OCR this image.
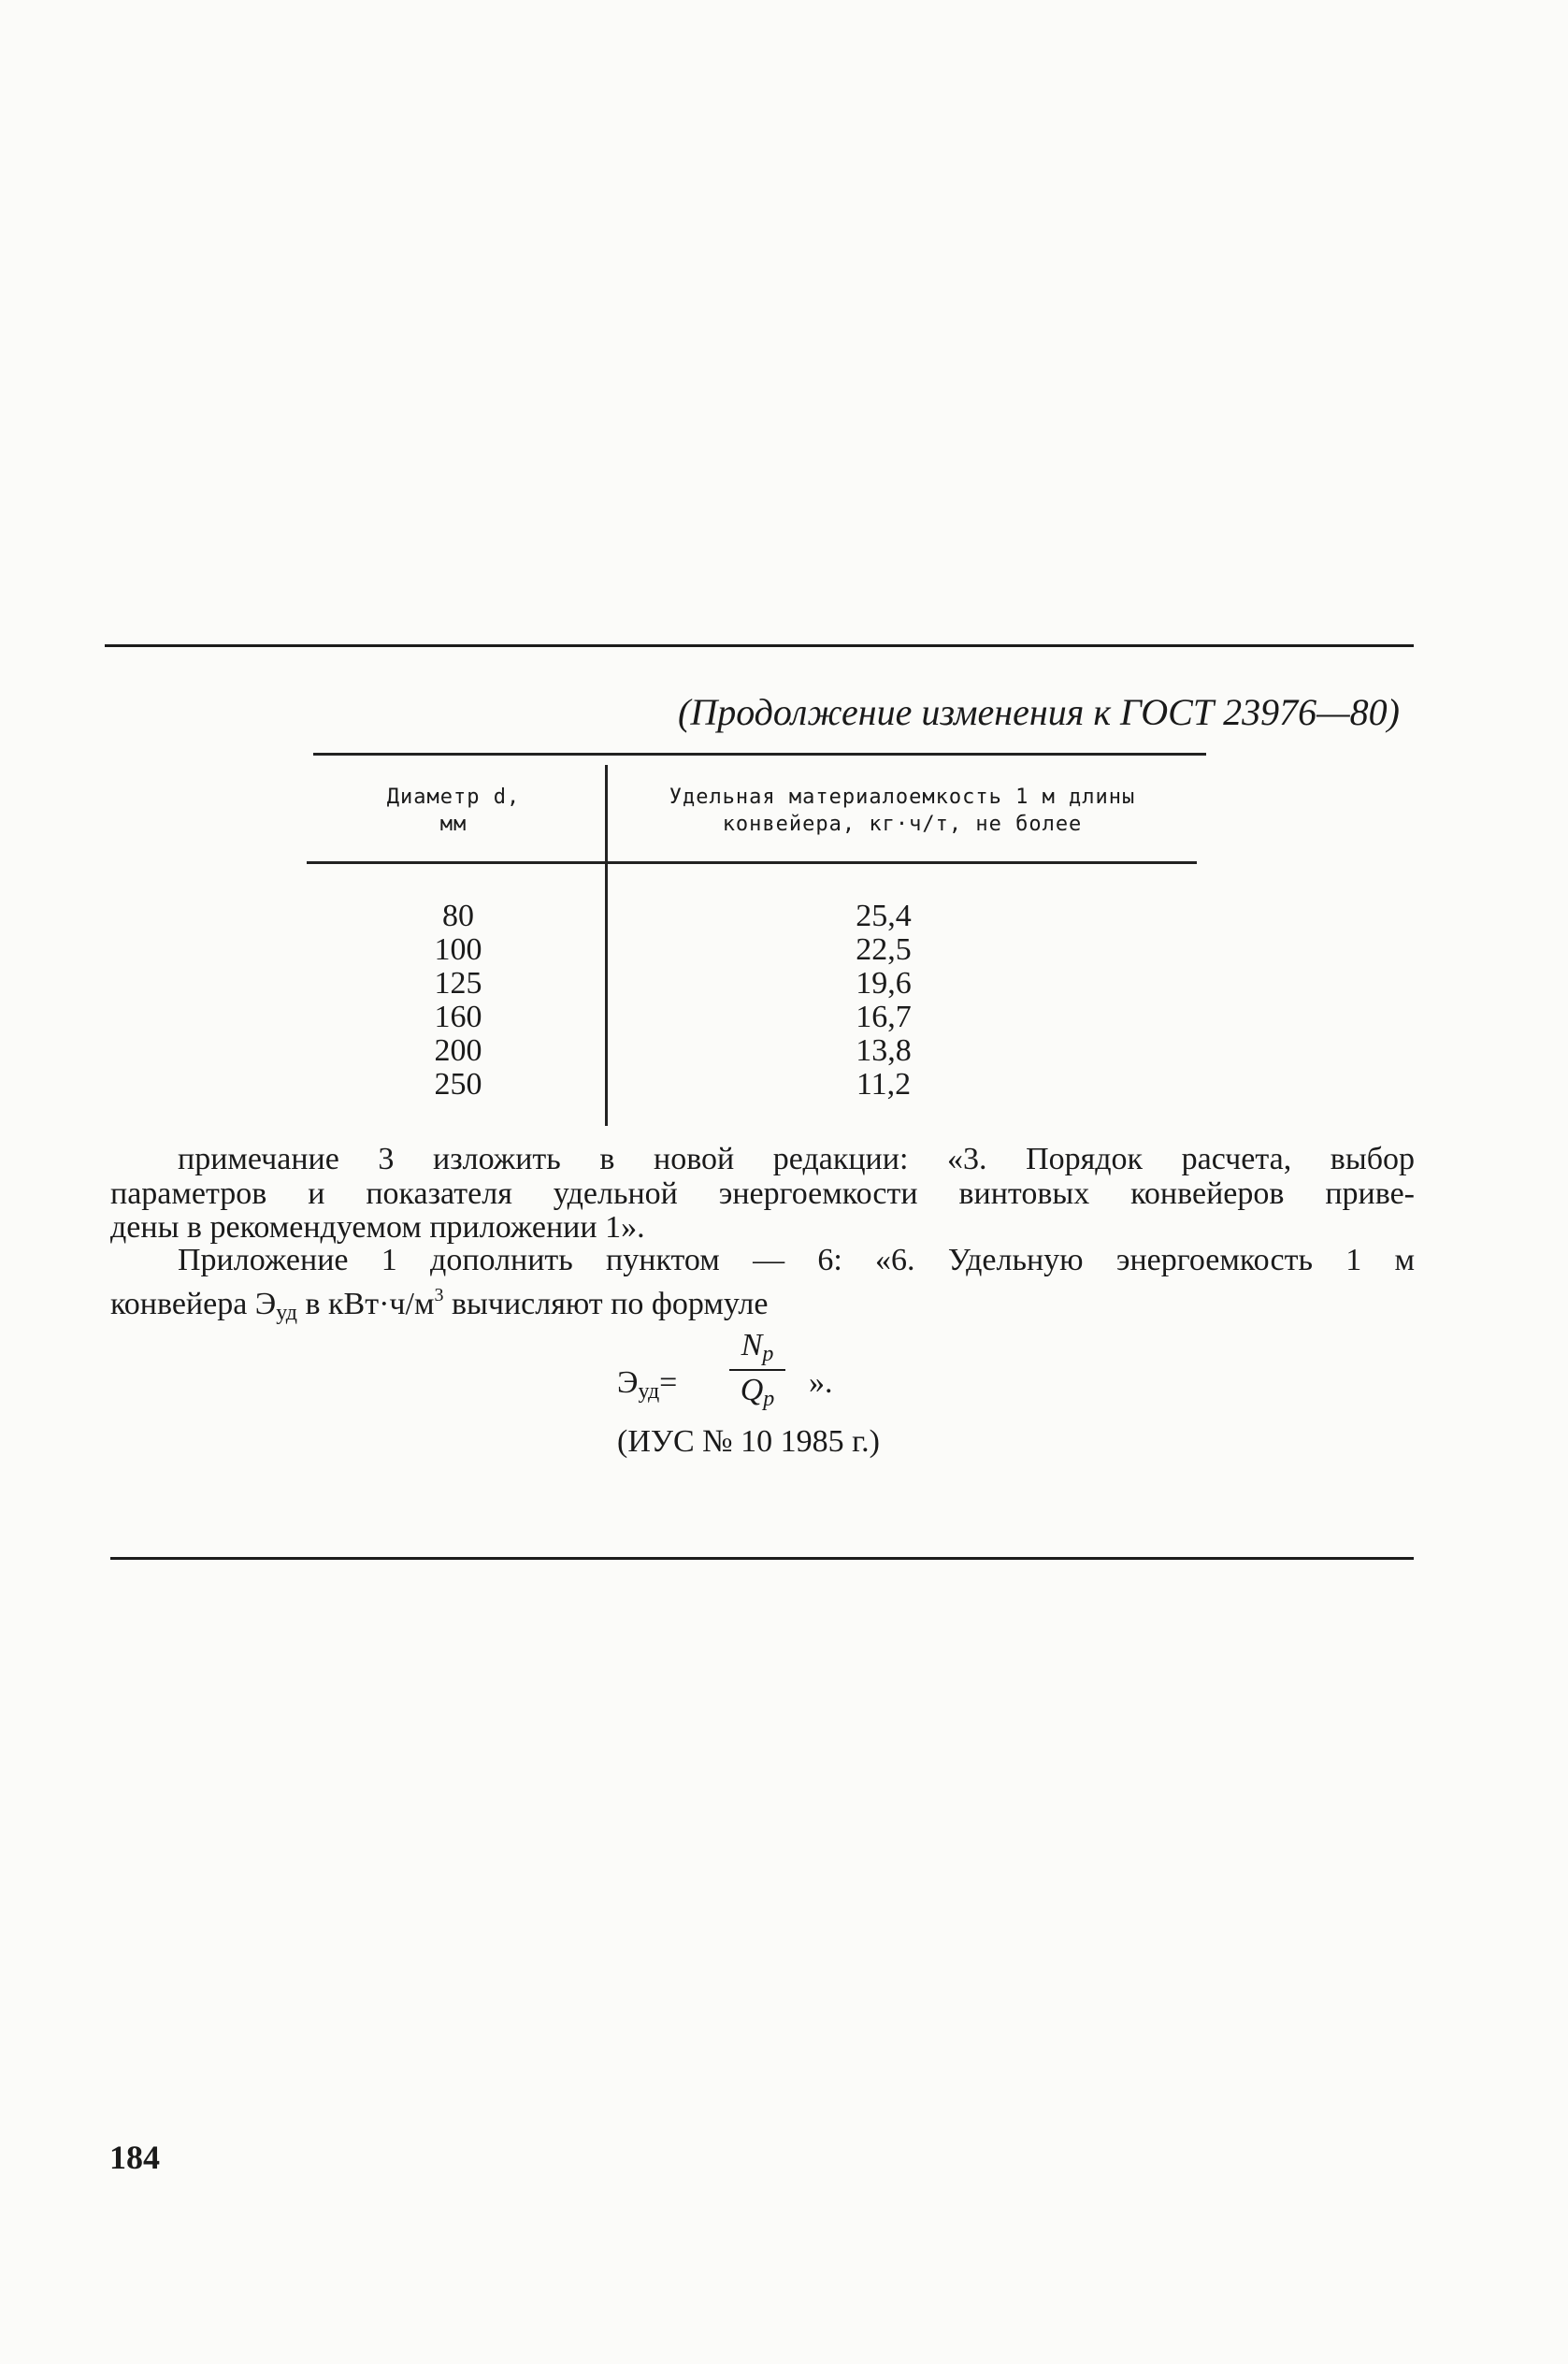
(Продолжение изменения к ГОСТ 23976—80)
Диаметр d,
мм
Удельная материалоемкость 1 м длины
конвейера, кг·ч/т, не более
80
100
125
160
200
250
25,4
22,5
19,6
16,7
13,8
11,2
примечание 3 изложить в новой редакции: «3. Порядок расчета, выбор
параметров и показателя удельной энергоемкости винтовых конвейеров приве-
дены в рекомендуемом приложении 1».
Приложение 1 дополнить пунктом — 6: «6. Удельную энергоемкость 1 м
конвейера $Э_{уд}$ в $кВт\cdot ч/м^3$ вычисляют по формуле
$Э_{уд}=$
$N_р$
$Q_р$	».
(ИУС № 10 1985 г.)
184
